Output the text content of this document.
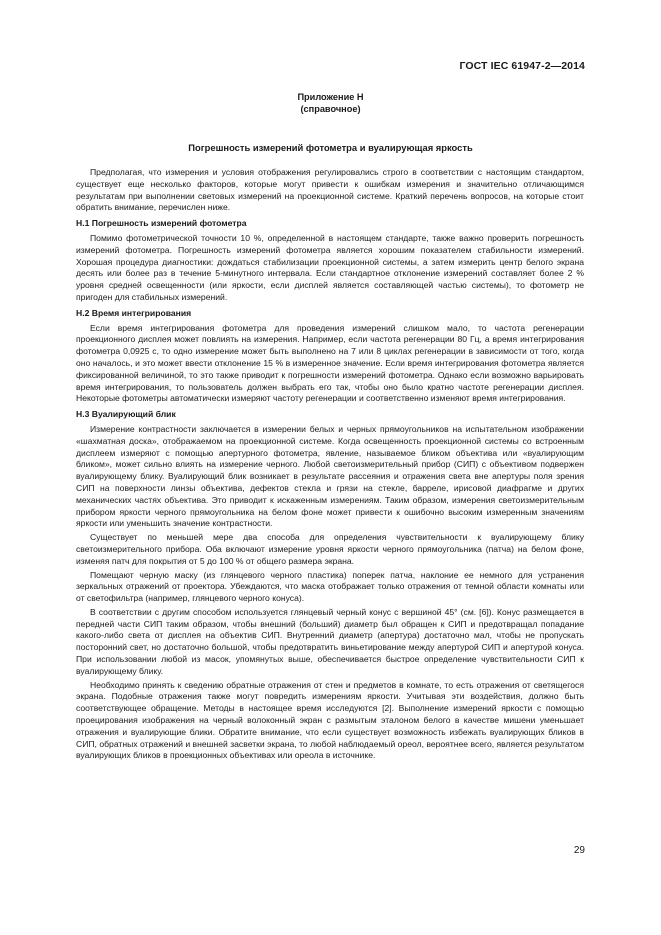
ГОСТ IEC 61947-2—2014
Приложение Н
(справочное)
Погрешность измерений фотометра и вуалирующая яркость

Предполагая, что измерения и условия отображения регулировались строго в соответствии с настоящим стандартом, существует еще несколько факторов, которые могут привести к ошибкам измерения и значительно отличающимся результатам при выполнении световых измерений на проекционной системе. Краткий перечень вопросов, на которые стоит обратить внимание, перечислен ниже.

Н.1 Погрешность измерений фотометра

Помимо фотометрической точности 10 %, определенной в настоящем стандарте, также важно проверить погрешность измерений фотометра. Погрешность измерений фотометра является хорошим показателем стабильности измерений. Хорошая процедура диагностики: дождаться стабилизации проекционной системы, а затем измерить центр белого экрана десять или более раз в течение 5-минутного интервала. Если стандартное отклонение измерений составляет более 2 % уровня средней освещенности (или яркости, если дисплей является составляющей частью системы), то фотометр не пригоден для стабильных измерений.

Н.2 Время интегрирования

Если время интегрирования фотометра для проведения измерений слишком мало, то частота регенерации проекционного дисплея может повлиять на измерения. Например, если частота регенерации 80 Гц, а время интегрирования фотометра 0,0925 с, то одно измерение может быть выполнено на 7 или 8 циклах регенерации в зависимости от того, когда оно началось, и это может ввести отклонение 15 % в измеренное значение. Если время интегрирования фотометра является фиксированной величиной, то это также приводит к погрешности измерений фотометра. Однако если возможно варьировать время интегрирования, то пользователь должен выбрать его так, чтобы оно было кратно частоте регенерации дисплея. Некоторые фотометры автоматически измеряют частоту регенерации и соответственно изменяют время интегрирования.

Н.3 Вуалирующий блик

Измерение контрастности заключается в измерении белых и черных прямоугольников на испытательном изображении «шахматная доска», отображаемом на проекционной системе. Когда освещенность проекционной системы со встроенным дисплеем измеряют с помощью апертурного фотометра, явление, называемое бликом объектива или «вуалирующим бликом», может сильно влиять на измерение черного. Любой светоизмерительный прибор (СИП) с объективом подвержен вуалирующему блику. Вуалирующий блик возникает в результате рассеяния и отражения света вне апертуры поля зрения СИП на поверхности линзы объектива, дефектов стекла и грязи на стекле, барреле, ирисовой диафрагме и других механических частях объектива. Это приводит к искаженным измерениям. Таким образом, измерения светоизмерительным прибором яркости черного прямоугольника на белом фоне может привести к ошибочно высоким измеренным значениям яркости или уменьшить значение контрастности.

Существует по меньшей мере два способа для определения чувствительности к вуалирующему блику светоизмерительного прибора. Оба включают измерение уровня яркости черного прямоугольника (патчa) на белом фоне, изменяя патч для покрытия от 5 до 100 % от общего размера экрана.

Помещают черную маску (из глянцевого черного пластика) поперек патча, наклоние ее немного для устранения зеркальных отражений от проектора. Убеждаются, что маска отображает только отражения от темной области комнаты или от светофильтра (например, глянцевого черного конуса).

В соответствии с другим способом используется глянцевый черный конус с вершиной 45° (см. [6]). Конус размещается в передней части СИП таким образом, чтобы внешний (больший) диаметр был обращен к СИП и предотвращал попадание какого-либо света от дисплея на объектив СИП. Внутренний диаметр (апертура) достаточно мал, чтобы не пропускать посторонний свет, но достаточно большой, чтобы предотвратить виньетирование между апертурой СИП и апертурой конуса. При использовании любой из масок, упомянутых выше, обеспечивается быстрое определение чувствительности СИП к вуалирующему блику.

Необходимо принять к сведению обратные отражения от стен и предметов в комнате, то есть отражения от светящегося экрана. Подобные отражения также могут повредить измерениям яркости. Учитывая эти воздействия, должно быть соответствующее обращение. Методы в настоящее время исследуются [2]. Выполнение измерений яркости с помощью проецирования изображения на черный волоконный экран с размытым эталоном белого в качестве мишени уменьшает отражения и вуалирующие блики. Обратите внимание, что если существует возможность избежать вуалирующих бликов в СИП, обратных отражений и внешней засветки экрана, то любой наблюдаемый ореол, вероятнее всего, является результатом вуалирующих бликов в проекционных объективах или ореола в источнике.

29
